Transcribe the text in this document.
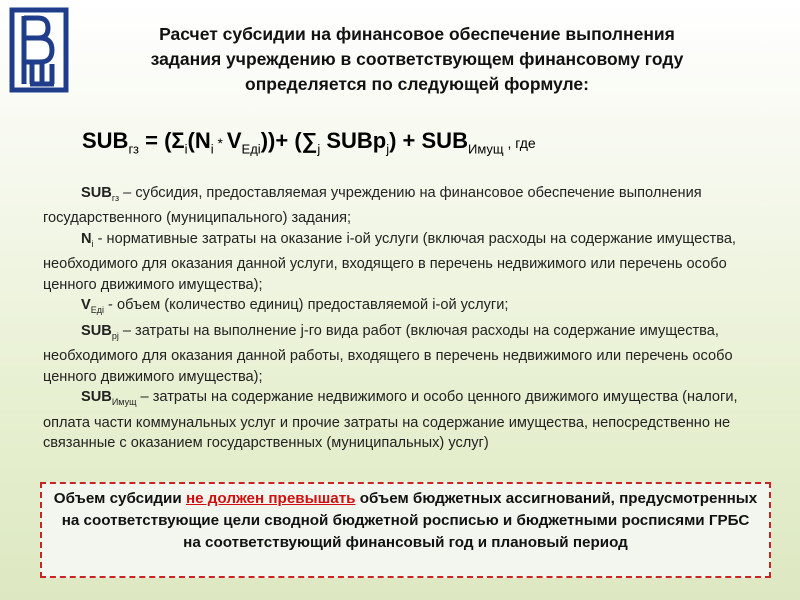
Расчет субсидии на финансовое обеспечение выполнения
задания учреждению в соответствующем финансовому году
определяется по следующей формуле:
$SUB_{гз} = (\Sigma_i(N_i * V_{Eдi}))+ (\sum_j$ SUBр$_j$) + $SUB_{Имущ}$ , где

$SUB_{гз}$ – субсидия, предоставляемая учреждению на финансовое обеспечение выполнения государственного (муниципального) задания;

$N_i$ - нормативные затраты на оказание i-ой услуги (включая расходы на содержание имущества, необходимого для оказания данной услуги, входящего в перечень недвижимого или перечень особо ценного движимого имущества);

$V_{Eдi}$ - объем (количество единиц) предоставляемой i-ой услуги;

$SUB_{рj}$ – затраты на выполнение j-го вида работ (включая расходы на содержание имущества, необходимого для оказания данной работы, входящего в перечень недвижимого или перечень особо ценного движимого имущества);

$SUB_{Имущ}$ – затраты на содержание недвижимого и особо ценного движимого имущества (налоги, оплата части коммунальных услуг и прочие затраты на содержание имущества, непосредственно не связанные с оказанием государственных (муниципальных) услуг)

Объем субсидии не должен превышать объем бюджетных ассигнований, предусмотренных на соответствующие цели сводной бюджетной росписью и бюджетными росписями ГРБС на соответствующий финансовый год и плановый период
